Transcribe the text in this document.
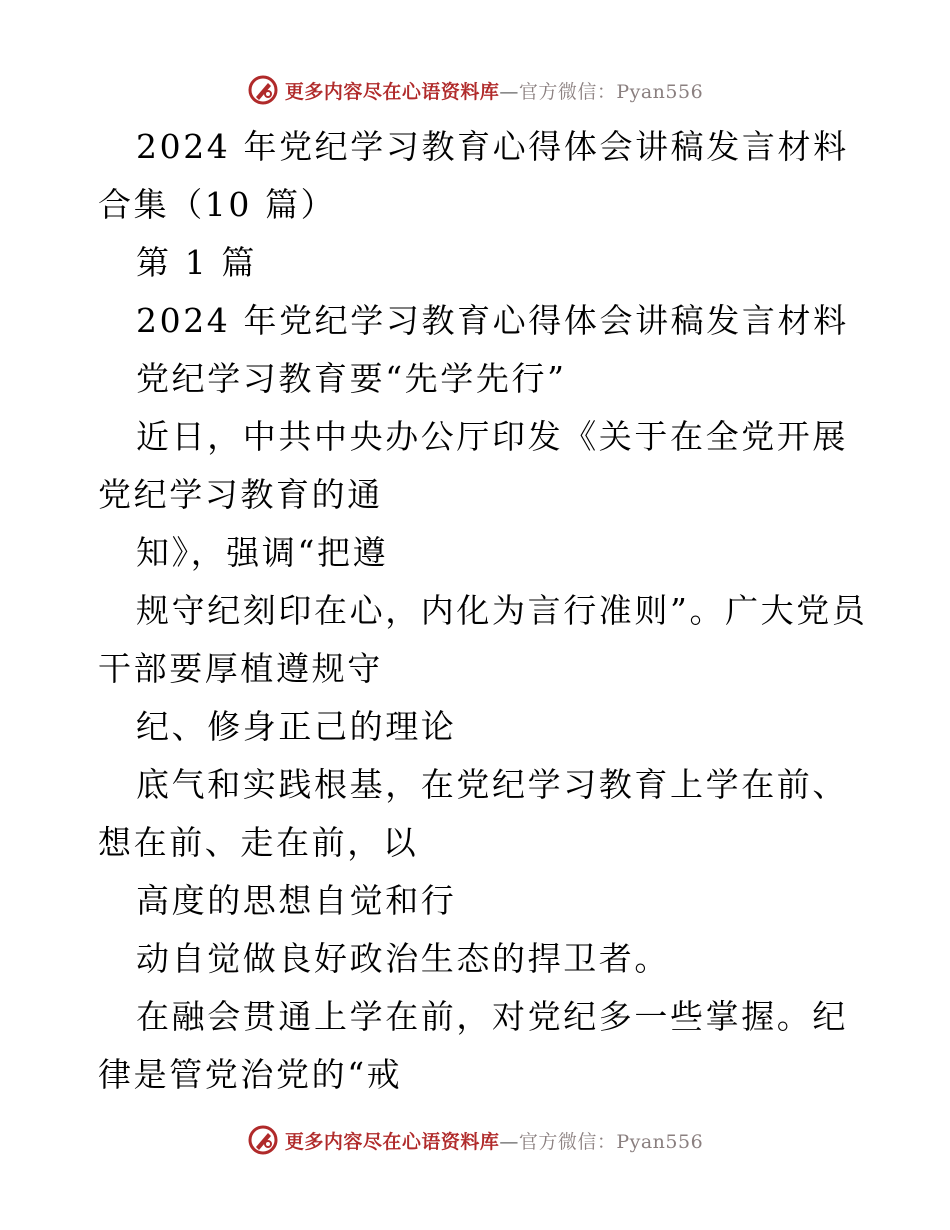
更多内容尽在心语资料库—官方微信：Pyan556

2024 年党纪学习教育心得体会讲稿发言材料合集（10 篇）

第 1 篇

2024 年党纪学习教育心得体会讲稿发言材料

党纪学习教育要“先学先行”

近日，中共中央办公厅印发《关于在全党开展党纪学习教育的通

知》，强调“把遵

规守纪刻印在心，内化为言行准则”。广大党员干部要厚植遵规守

纪、修身正己的理论

底气和实践根基，在党纪学习教育上学在前、想在前、走在前，以

高度的思想自觉和行

动自觉做良好政治生态的捍卫者。

在融会贯通上学在前，对党纪多一些掌握。纪律是管党治党的“戒

更多内容尽在心语资料库—官方微信：Pyan556
